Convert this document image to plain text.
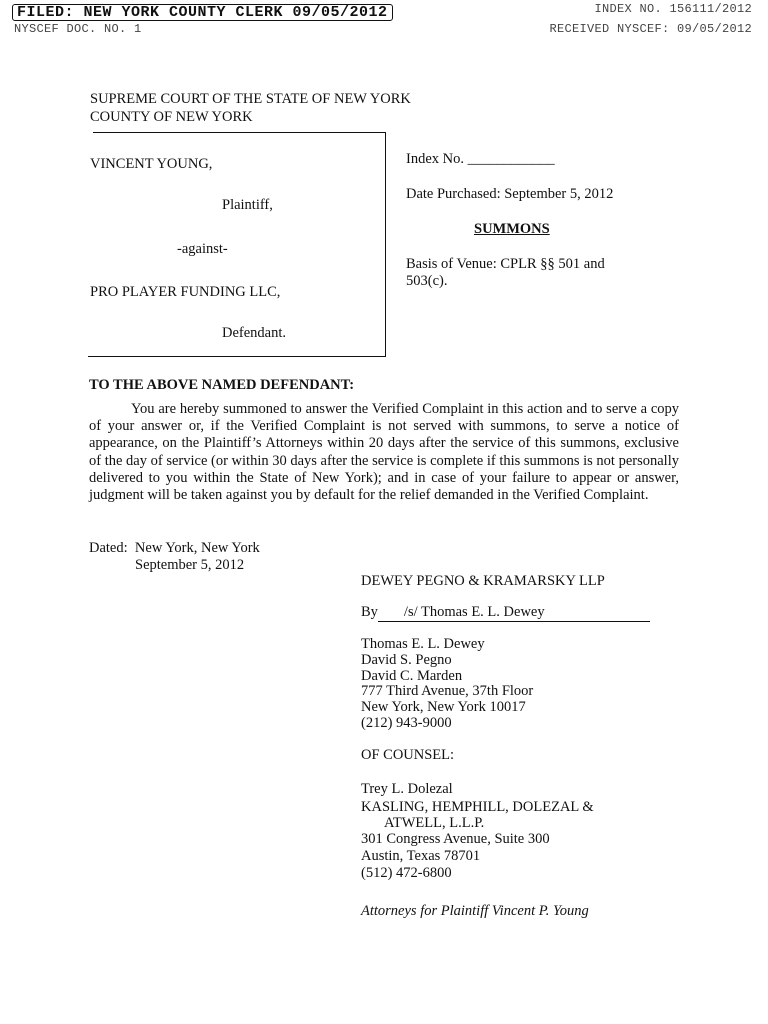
FILED: NEW YORK COUNTY CLERK 09/05/2012
NYSCEF DOC. NO. 1
INDEX NO. 156111/2012
RECEIVED NYSCEF: 09/05/2012
SUPREME COURT OF THE STATE OF NEW YORK
COUNTY OF NEW YORK
VINCENT YOUNG,
Plaintiff,
-against-
PRO PLAYER FUNDING LLC,
Defendant.
Index No. ____________
Date Purchased: September 5, 2012
SUMMONS
Basis of Venue: CPLR §§ 501 and
503(c).
TO THE ABOVE NAMED DEFENDANT:
You are hereby summoned to answer the Verified Complaint in this action and to serve a copy of your answer or, if the Verified Complaint is not served with summons, to serve a notice of appearance, on the Plaintiff’s Attorneys within 20 days after the service of this summons, exclusive of the day of service (or within 30 days after the service is complete if this summons is not personally delivered to you within the State of New York); and in case of your failure to appear or answer, judgment will be taken against you by default for the relief demanded in the Verified Complaint.
Dated: New York, New York
September 5, 2012
DEWEY PEGNO & KRAMARSKY LLP
By /s/ Thomas E. L. Dewey
Thomas E. L. Dewey
David S. Pegno
David C. Marden
777 Third Avenue, 37th Floor
New York, New York 10017
(212) 943-9000
OF COUNSEL:
Trey L. Dolezal
KASLING, HEMPHILL, DOLEZAL &
ATWELL, L.L.P.
301 Congress Avenue, Suite 300
Austin, Texas 78701
(512) 472-6800
Attorneys for Plaintiff Vincent P. Young
